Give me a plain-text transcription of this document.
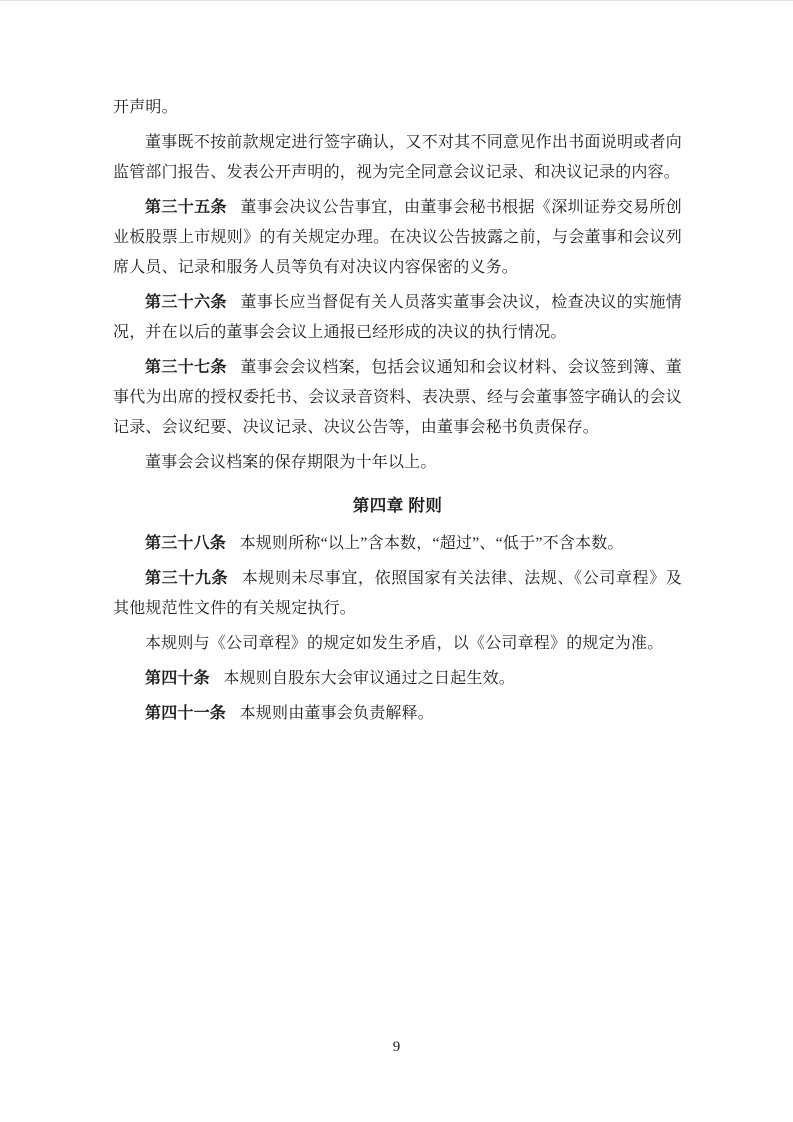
开声明。

董事既不按前款规定进行签字确认，又不对其不同意见作出书面说明或者向监管部门报告、发表公开声明的，视为完全同意会议记录、和决议记录的内容。

第三十五条 董事会决议公告事宜，由董事会秘书根据《深圳证券交易所创业板股票上市规则》的有关规定办理。在决议公告披露之前，与会董事和会议列席人员、记录和服务人员等负有对决议内容保密的义务。

第三十六条 董事长应当督促有关人员落实董事会决议，检查决议的实施情况，并在以后的董事会会议上通报已经形成的决议的执行情况。

第三十七条 董事会会议档案，包括会议通知和会议材料、会议签到簿、董事代为出席的授权委托书、会议录音资料、表决票、经与会董事签字确认的会议记录、会议纪要、决议记录、决议公告等，由董事会秘书负责保存。

董事会会议档案的保存期限为十年以上。

第四章 附则

第三十八条 本规则所称“以上”含本数，“超过”、“低于”不含本数。

第三十九条 本规则未尽事宜，依照国家有关法律、法规、《公司章程》及其他规范性文件的有关规定执行。

本规则与《公司章程》的规定如发生矛盾，以《公司章程》的规定为准。

第四十条 本规则自股东大会审议通过之日起生效。

第四十一条 本规则由董事会负责解释。

9
